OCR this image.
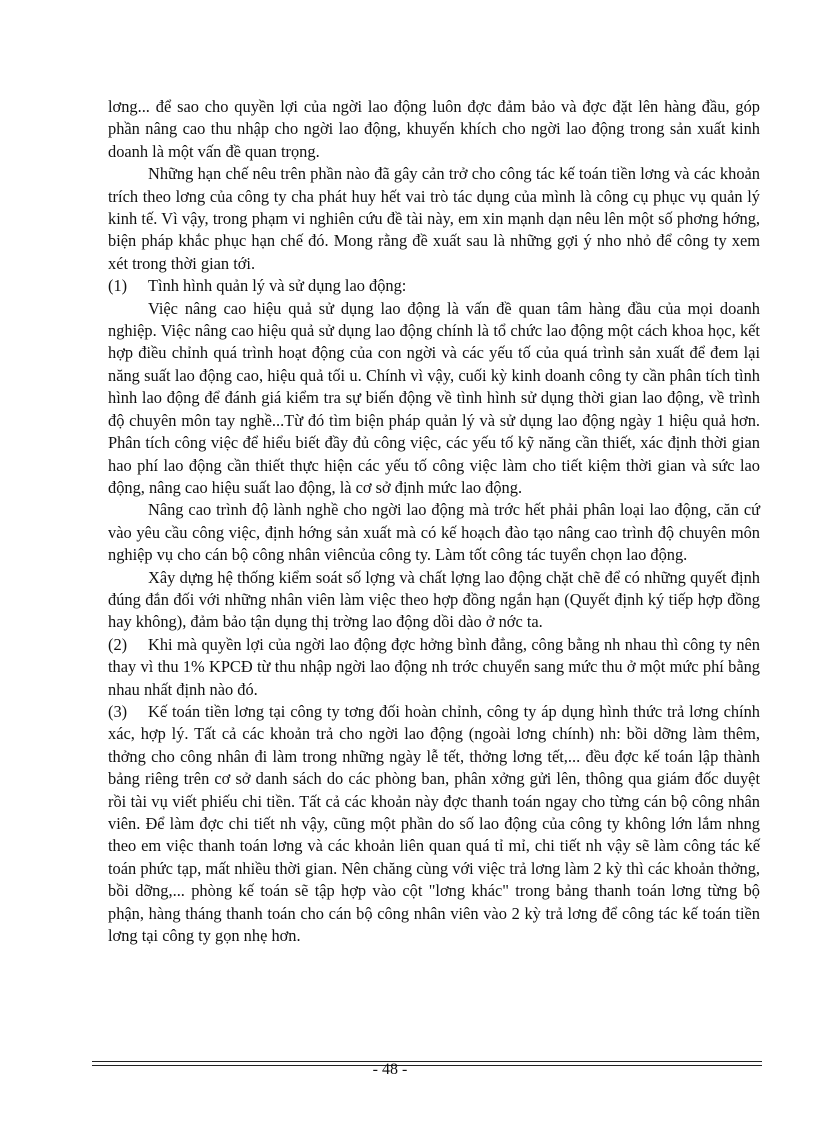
lơng... để sao cho quyền lợi của ngời lao động luôn đợc đảm bảo và đợc đặt lên hàng đầu, góp phần nâng cao thu nhập cho ngời lao động, khuyến khích cho ngời lao động trong sản xuất kinh doanh là một vấn đề quan trọng.

Những hạn chế nêu trên phần nào đã gây cản trở cho công tác kế toán tiền lơng và các khoản trích theo lơng của công ty cha phát huy hết vai trò tác dụng của mình là công cụ phục vụ quản lý kinh tế. Vì vậy, trong phạm vi nghiên cứu đề tài này, em xin mạnh dạn nêu lên một số phơng hớng, biện pháp khắc phục hạn chế đó. Mong rằng đề xuất sau là những gợi ý nho nhỏ để công ty xem xét trong thời gian tới.

(1) Tình hình quản lý và sử dụng lao động:

Việc nâng cao hiệu quả sử dụng lao động là vấn đề quan tâm hàng đầu của mọi doanh nghiệp. Việc nâng cao hiệu quả sử dụng lao động chính là tổ chức lao động một cách khoa học, kết hợp điều chỉnh quá trình hoạt động của con ngời và các yếu tố của quá trình sản xuất để đem lại năng suất lao động cao, hiệu quả tối u. Chính vì vậy, cuối kỳ kinh doanh công ty cần phân tích tình hình lao động để đánh giá kiểm tra sự biến động về tình hình sử dụng thời gian lao động, về trình độ chuyên môn tay nghề...Từ đó tìm biện pháp quản lý và sử dụng lao động ngày 1 hiệu quả hơn. Phân tích công việc để hiểu biết đầy đủ công việc, các yếu tố kỹ năng cần thiết, xác định thời gian hao phí lao động cần thiết thực hiện các yếu tố công việc làm cho tiết kiệm thời gian và sức lao động, nâng cao hiệu suất lao động, là cơ sở định mức lao động.

Nâng cao trình độ lành nghề cho ngời lao động mà trớc hết phải phân loại lao động, căn cứ vào yêu cầu công việc, định hớng sản xuất mà có kế hoạch đào tạo nâng cao trình độ chuyên môn nghiệp vụ cho cán bộ công nhân viêncủa công ty. Làm tốt công tác tuyển chọn lao động.

Xây dựng hệ thống kiểm soát số lợng và chất lợng lao động chặt chẽ để có những quyết định đúng đắn đối với những nhân viên làm việc theo hợp đồng ngắn hạn (Quyết định ký tiếp hợp đồng hay không), đảm bảo tận dụng thị trờng lao động dồi dào ở nớc ta.

(2) Khi mà quyền lợi của ngời lao động đợc hởng bình đẳng, công bằng nh nhau thì công ty nên thay vì thu 1% KPCĐ từ thu nhập ngời lao động nh trớc chuyển sang mức thu ở một mức phí bằng nhau nhất định nào đó.

(3) Kế toán tiền lơng tại công ty tơng đối hoàn chỉnh, công ty áp dụng hình thức trả lơng chính xác, hợp lý. Tất cả các khoản trả cho ngời lao động (ngoài lơng chính) nh: bồi dỡng làm thêm, thởng cho công nhân đi làm trong những ngày lễ tết, thởng lơng tết,... đều đợc kế toán lập thành bảng riêng trên cơ sở danh sách do các phòng ban, phân xởng gửi lên, thông qua giám đốc duyệt rồi tài vụ viết phiếu chi tiền. Tất cả các khoản này đợc thanh toán ngay cho từng cán bộ công nhân viên. Để làm đợc chi tiết nh vậy, cũng một phần do số lao động của công ty không lớn lắm nhng theo em việc thanh toán lơng và các khoản liên quan quá tỉ mỉ, chi tiết nh vậy sẽ làm công tác kế toán phức tạp, mất nhiều thời gian. Nên chăng cùng với việc trả lơng làm 2 kỳ thì các khoản thởng, bồi dỡng,... phòng kế toán sẽ tập hợp vào cột "lơng khác" trong bảng thanh toán lơng từng bộ phận, hàng tháng thanh toán cho cán bộ công nhân viên vào 2 kỳ trả lơng để công tác kế toán tiền lơng tại công ty gọn nhẹ hơn.

- 48 -
